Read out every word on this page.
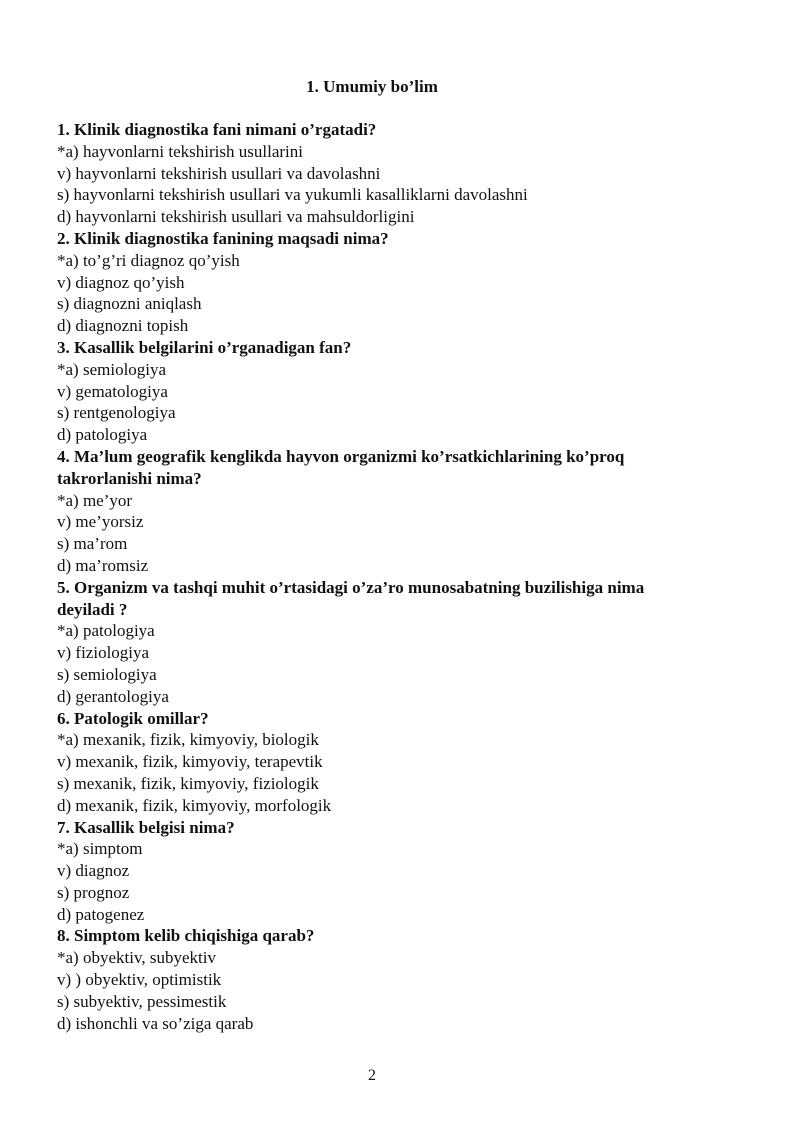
1. Umumiy bo’lim

1. Klinik diagnostika fani nimani o’rgatadi?

*a) hayvonlarni tekshirish usullarini

v) hayvonlarni tekshirish usullari va davolashni

s) hayvonlarni tekshirish usullari va yukumli kasalliklarni davolashni

d) hayvonlarni tekshirish usullari va mahsuldorligini

2. Klinik diagnostika fanining maqsadi nima?

*a) to’g’ri diagnoz qo’yish

v) diagnoz qo’yish

s) diagnozni aniqlash

d) diagnozni topish

3. Kasallik belgilarini o’rganadigan fan?

*a) semiologiya

v) gematologiya

s) rentgenologiya

d) patologiya

4. Ma’lum geografik kenglikda hayvon organizmi ko’rsatkichlarining ko’proq takrorlanishi nima?

*a) me’yor

v) me’yorsiz

s) ma’rom

d) ma’romsiz

5. Organizm va tashqi muhit o’rtasidagi o’za’ro munosabatning buzilishiga nima deyiladi ?

*a) patologiya

v) fiziologiya

s) semiologiya

d) gerantologiya

6. Patologik omillar?

*a) mexanik, fizik, kimyoviy, biologik

v) mexanik, fizik, kimyoviy, terapevtik

s) mexanik, fizik, kimyoviy, fiziologik

d) mexanik, fizik, kimyoviy, morfologik

7. Kasallik belgisi nima?

*a) simptom

v) diagnoz

s) prognoz

d) patogenez

8. Simptom kelib chiqishiga qarab?

*a) obyektiv, subyektiv

v) ) obyektiv, optimistik

s) subyektiv, pessimestik

d) ishonchli va so’ziga qarab

2
